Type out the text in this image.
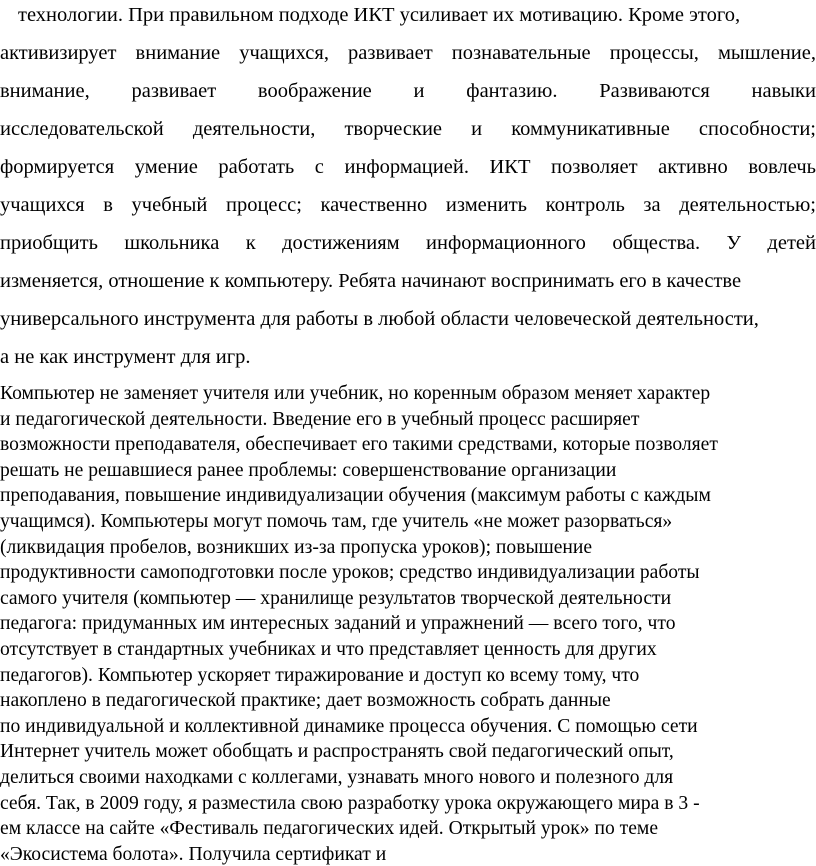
технологии. При правильном подходе ИКТ усиливает их мотивацию. Кроме этого,
активизирует внимание учащихся, развивает познавательные процессы, мышление,
внимание, развивает воображение и фантазию. Развиваются навыки
исследовательской деятельности, творческие и коммуникативные способности;
формируется умение работать с информацией. ИКТ позволяет активно вовлечь
учащихся в учебный процесс; качественно изменить контроль за деятельностью;
приобщить школьника к достижениям информационного общества. У детей
изменяется, отношение к компьютеру. Ребята начинают воспринимать его в качестве
универсального инструмента для работы в любой области человеческой деятельности,
а не как инструмент для игр.
Компьютер не заменяет учителя или учебник, но коренным образом меняет характер
и педагогической деятельности. Введение его в учебный процесс расширяет
возможности преподавателя, обеспечивает его такими средствами, которые позволяет
решать не решавшиеся ранее проблемы: совершенствование организации
преподавания, повышение индивидуализации обучения (максимум работы с каждым
учащимся). Компьютеры могут помочь там, где учитель «не может разорваться»
(ликвидация пробелов, возникших из-за пропуска уроков); повышение
продуктивности самоподготовки после уроков; средство индивидуализации работы
самого учителя (компьютер — хранилище результатов творческой деятельности
педагога: придуманных им интересных заданий и упражнений — всего того, что
отсутствует в стандартных учебниках и что представляет ценность для других
педагогов). Компьютер ускоряет тиражирование и доступ ко всему тому, что
накоплено в педагогической практике; дает возможность собрать данные
по индивидуальной и коллективной динамике процесса обучения. С помощью сети
Интернет учитель может обобщать и распространять свой педагогический опыт,
делиться своими находками с коллегами, узнавать много нового и полезного для
себя. Так, в 2009 году, я разместила свою разработку урока окружающего мира в 3 -
ем классе на сайте «Фестиваль педагогических идей. Открытый урок» по теме
«Экосистема болота». Получила сертификат и
